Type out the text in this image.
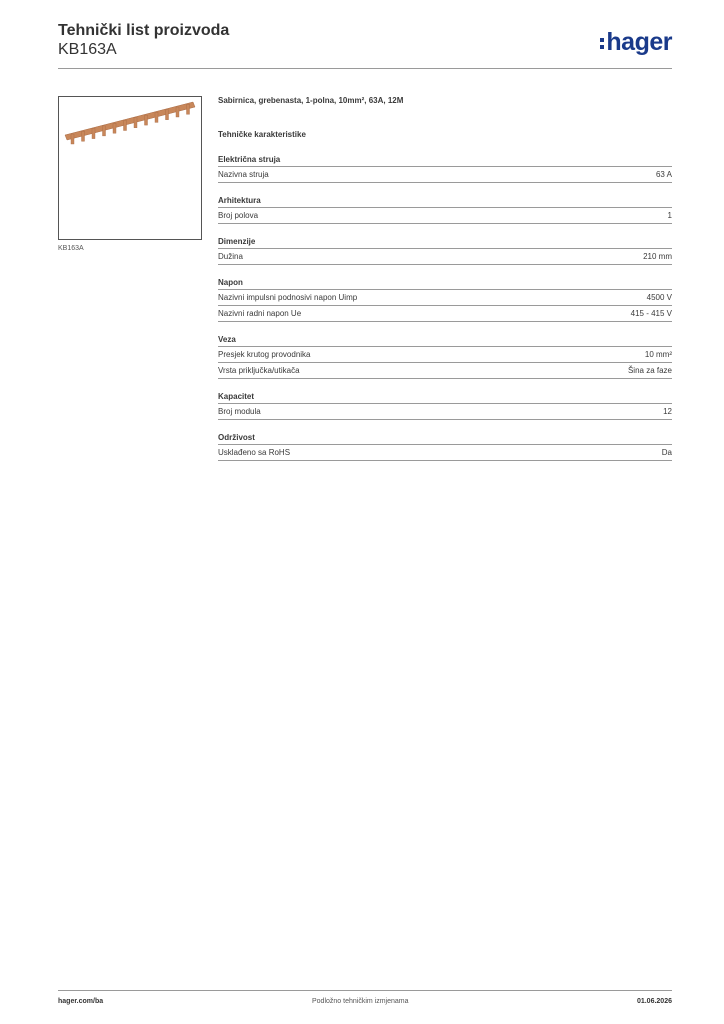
Tehnički list proizvoda
KB163A	hager
KB163A
Sabirnica, grebenasta, 1-polna, 10mm², 63A, 12M
Tehničke karakteristike
Električna struja
Nazivna struja	63 A
Arhitektura
Broj polova	1
Dimenzije
Dužina	210 mm
Napon
Nazivni impulsni podnosivi napon Uimp	4500 V
Nazivni radni napon Ue	415 - 415 V
Veza
Presjek krutog provodnika	10 mm²
Vrsta priključka/utikača	Šina za faze
Kapacitet
Broj modula	12
Održivost
Usklađeno sa RoHS	Da
hager.com/ba	Podložno tehničkim izmjenama	01.06.2026
